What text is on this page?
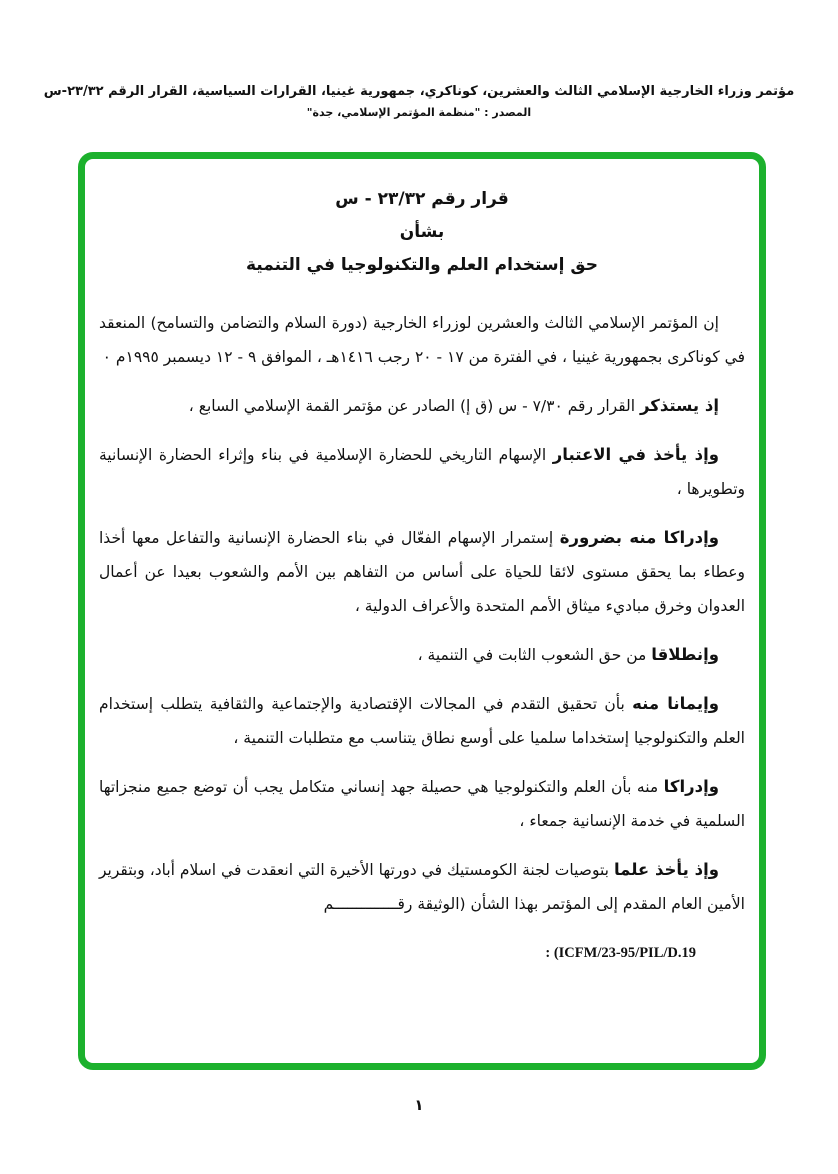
مؤتمر وزراء الخارجية الإسلامي الثالث والعشرين، كوناكري، جمهورية غينيا، القرارات السياسية، القرار الرقم ٢٣/٣٢-س
المصدر : "منظمة المؤتمر الإسلامي، جدة"
قرار رقم ٢٣/٣٢ - س
بشأن
حق إستخدام العلم والتكنولوجيا في التنمية

إن المؤتمر الإسلامي الثالث والعشرين لوزراء الخارجية (دورة السلام والتضامن والتسامح) المنعقد في كوناكرى بجمهورية غينيا ، في الفترة من ١٧ - ٢٠ رجب ١٤١٦هـ ، الموافق ٩ - ١٢ ديسمبر ١٩٩٥م ٠

إذ يستذكر القرار رقم ٧/٣٠ - س (ق إ) الصادر عن مؤتمر القمة الإسلامي السابع ،

وإذ يأخذ في الاعتبار الإسهام التاريخي للحضارة الإسلامية في بناء وإثراء الحضارة الإنسانية وتطويرها ،

وإدراكا منه بضرورة إستمرار الإسهام الفعّال في بناء الحضارة الإنسانية والتفاعل معها أخذا وعطاء بما يحقق مستوى لائقا للحياة على أساس من التفاهم بين الأمم والشعوب بعيدا عن أعمال العدوان وخرق مباديء ميثاق الأمم المتحدة والأعراف الدولية ،

وإنطلاقا من حق الشعوب الثابت في التنمية ،

وإيمانا منه بأن تحقيق التقدم في المجالات الإقتصادية والإجتماعية والثقافية يتطلب إستخدام العلم والتكنولوجيا إستخداما سلميا على أوسع نطاق يتناسب مع متطلبات التنمية ،

وإدراكا منه بأن العلم والتكنولوجيا هي حصيلة جهد إنساني متكامل يجب أن توضع جميع منجزاتها السلمية في خدمة الإنسانية جمعاء ،

وإذ يأخذ علما بتوصيات لجنة الكومستيك في دورتها الأخيرة التي انعقدت في اسلام أباد، وبتقرير الأمين العام المقدم إلى المؤتمر بهذا الشأن (الوثيقة رقــــــــــــــم

: (ICFM/23-95/PIL/D.19
١
